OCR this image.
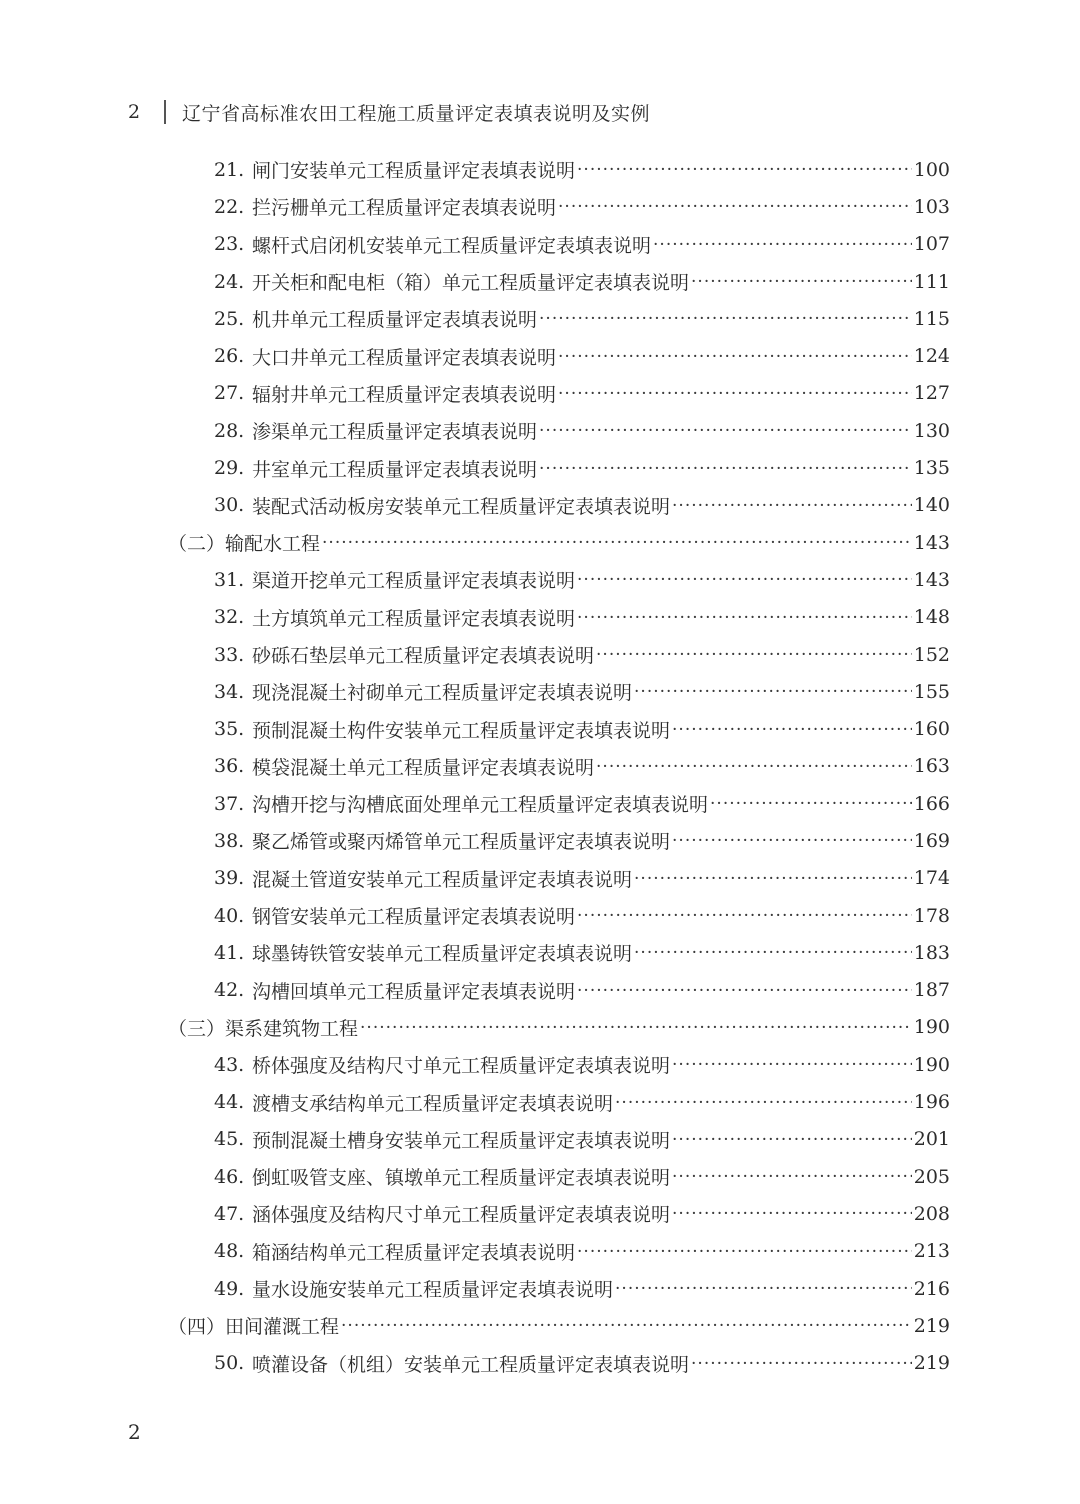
2	辽宁省高标准农田工程施工质量评定表填表说明及实例
21. 闸门安装单元工程质量评定表填表说明 ·····	100
22. 拦污栅单元工程质量评定表填表说明 ·····	103
23. 螺杆式启闭机安装单元工程质量评定表填表说明 ·····	107
24. 开关柜和配电柜（箱）单元工程质量评定表填表说明 ·····	111
25. 机井单元工程质量评定表填表说明 ·····	115
26. 大口井单元工程质量评定表填表说明 ·····	124
27. 辐射井单元工程质量评定表填表说明 ·····	127
28. 渗渠单元工程质量评定表填表说明 ·····	130
29. 井室单元工程质量评定表填表说明 ·····	135
30. 装配式活动板房安装单元工程质量评定表填表说明 ·····	140
（二）输配水工程 ·····	143
31. 渠道开挖单元工程质量评定表填表说明 ·····	143
32. 土方填筑单元工程质量评定表填表说明 ·····	148
33. 砂砾石垫层单元工程质量评定表填表说明 ·····	152
34. 现浇混凝土衬砌单元工程质量评定表填表说明 ·····	155
35. 预制混凝土构件安装单元工程质量评定表填表说明 ·····	160
36. 模袋混凝土单元工程质量评定表填表说明 ·····	163
37. 沟槽开挖与沟槽底面处理单元工程质量评定表填表说明 ·····	166
38. 聚乙烯管或聚丙烯管单元工程质量评定表填表说明 ·····	169
39. 混凝土管道安装单元工程质量评定表填表说明 ·····	174
40. 钢管安装单元工程质量评定表填表说明 ·····	178
41. 球墨铸铁管安装单元工程质量评定表填表说明 ·····	183
42. 沟槽回填单元工程质量评定表填表说明 ·····	187
（三）渠系建筑物工程 ·····	190
43. 桥体强度及结构尺寸单元工程质量评定表填表说明 ·····	190
44. 渡槽支承结构单元工程质量评定表填表说明 ·····	196
45. 预制混凝土槽身安装单元工程质量评定表填表说明 ·····	201
46. 倒虹吸管支座、镇墩单元工程质量评定表填表说明 ·····	205
47. 涵体强度及结构尺寸单元工程质量评定表填表说明 ·····	208
48. 箱涵结构单元工程质量评定表填表说明 ·····	213
49. 量水设施安装单元工程质量评定表填表说明 ·····	216
（四）田间灌溉工程 ·····	219
50. 喷灌设备（机组）安装单元工程质量评定表填表说明 ·····	219
2
